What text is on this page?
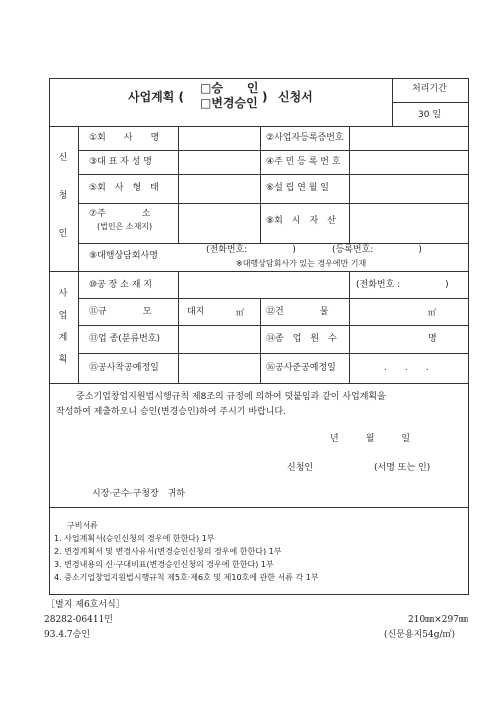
사업계획 (
□승　　인
□변경승인 ) 신청서
처리기간
30 일
신
청
인
①회　　사　　명	②사업자등록증번호
③대 표 자 성 명	④주 민 등 록 번 호
⑤회　사　형　태	⑥설 립 연 월 일
⑦주　　　　소
(법인은 소재지)
⑧회　시　자　산
⑨대행상담회사명
(전화번호:　　　　　)	(등록번호:　　　　　)
※대행상담회사가 있는 경우에만 기재
사
업
계
획
⑩공 장 소 재 지	(전화번호 :　　　　　)
⑪규　　　　모	대지	㎡ ⑫건　　　　물	㎡
⑬업 종(분류번호)	⑭종　업　원　수	명
⑮공사착공예정일	⑯공사준공예정일	.　　.　　.
중소기업창업지원법시행규칙 제8조의 규정에 의하여 덧붙임과 같이 사업계획을
작성하여 제출하오니 승인(변경승인)하여 주시기 바랍니다.
년　　　월　　　일
신청인	(서명 또는 인)
시장·군수·구청장　귀하
구비서류
1. 사업계획서(승인신청의 경우에 한한다) 1부
2. 변경계획서 및 변경사유서(변경승인신청의 경우에 한한다) 1부
3. 변경내용의 신·구대비표(변경승인신청의 경우에 한한다) 1부
4. 중소기업창업지원법시행규칙 제5호·제6호 및 제10호에 관한 서류 각 1부
［별지 제6호서식］
28282-06411민	210㎜×297㎜
93.4.7승인	(신문용지54g/㎡)
